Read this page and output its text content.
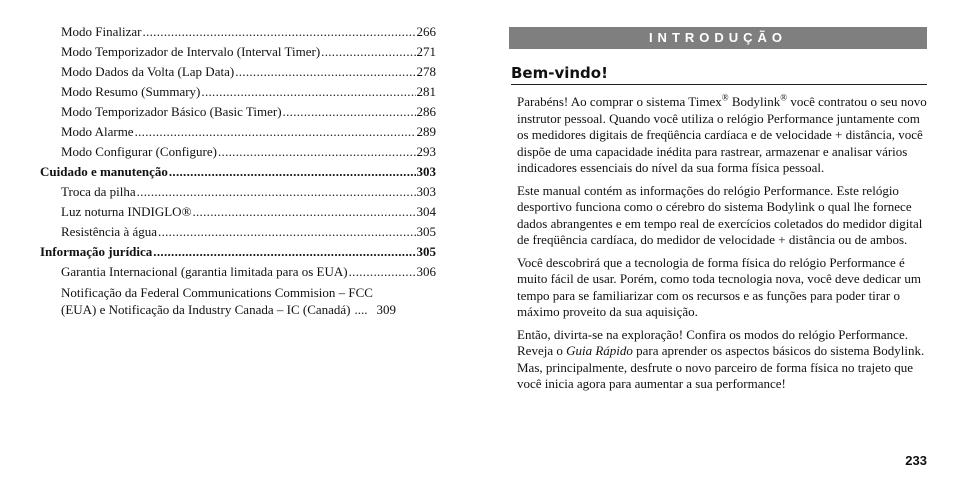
Modo Finalizar .....	266
Modo Temporizador de Intervalo (Interval Timer) .....	271
Modo Dados da Volta (Lap Data) .....	278
Modo Resumo (Summary) .....	281
Modo Temporizador Básico (Basic Timer) .....	286
Modo Alarme .....	289
Modo Configurar (Configure) .....	293
Cuidado e manutenção .....	303
Troca da pilha .....	303
Luz noturna INDIGLO® .....	304
Resistência à água .....	305
Informação jurídica .....	305
Garantia Internacional (garantia limitada para os EUA) .....	306
Notificação da Federal Communications Commision – FCC
(EUA) e Notificação da Industry Canada – IC (Canadá) .... 309
INTRODUÇÃO
Bem-vindo!

Parabéns! Ao comprar o sistema Timex® Bodylink® você contratou o seu novo instrutor pessoal. Quando você utiliza o relógio Performance juntamente com os medidores digitais de freqüência cardíaca e de velocidade + distância, você dispõe de uma capacidade inédita para rastrear, armazenar e analisar vários indicadores essenciais do nível da sua forma física pessoal.

Este manual contém as informações do relógio Performance. Este relógio desportivo funciona como o cérebro do sistema Bodylink o qual lhe fornece dados abrangentes e em tempo real de exercícios coletados do medidor digital de freqüência cardíaca, do medidor de velocidade + distância ou de ambos.

Você descobrirá que a tecnologia de forma física do relógio Performance é muito fácil de usar. Porém, como toda tecnologia nova, você deve dedicar um tempo para se familiarizar com os recursos e as funções para poder tirar o máximo proveito da sua aquisição.

Então, divirta-se na exploração! Confira os modos do relógio Performance. Reveja o Guia Rápido para aprender os aspectos básicos do sistema Bodylink. Mas, principalmente, desfrute o novo parceiro de forma física no trajeto que você inicia agora para aumentar a sua performance!

233
